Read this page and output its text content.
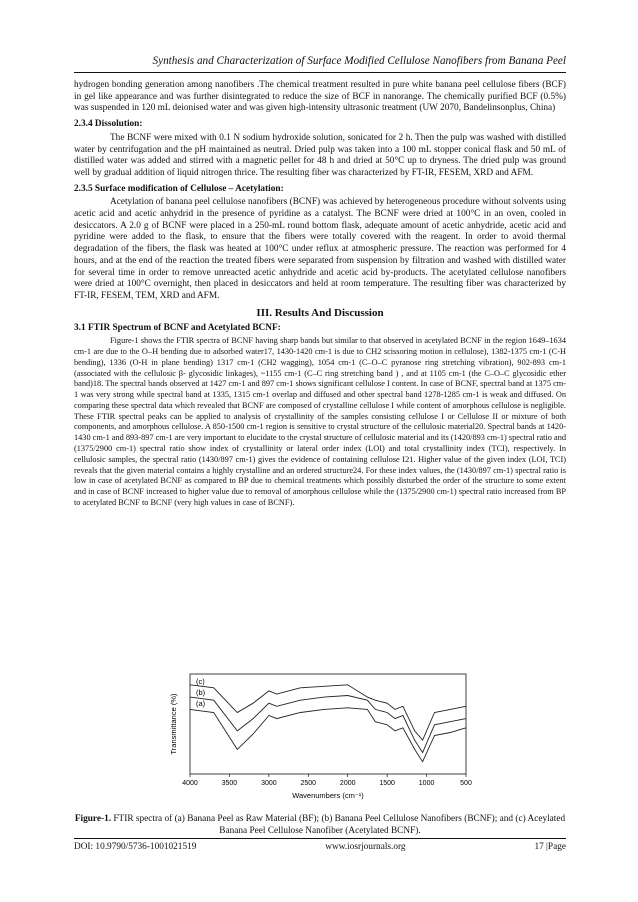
Synthesis and Characterization of Surface Modified Cellulose Nanofibers from Banana Peel

hydrogen bonding generation among nanofibers .The chemical treatment resulted in pure white banana peel cellulose fibers (BCF) in gel like appearance and was further disintegrated to reduce the size of BCF in nanorange. The chemically purified BCF (0.5%) was suspended in 120 mL deionised water and was given high-intensity ultrasonic treatment (UW 2070, Bandelinsonplus, China)

2.3.4 Dissolution:

The BCNF were mixed with 0.1 N sodium hydroxide solution, sonicated for 2 h. Then the pulp was washed with distilled water by centrifugation and the pH maintained as neutral. Dried pulp was taken into a 100 mL stopper conical flask and 50 mL of distilled water was added and stirred with a magnetic pellet for 48 h and dried at 50°C up to dryness. The dried pulp was ground well by gradual addition of liquid nitrogen thrice. The resulting fiber was characterized by FT-IR, FESEM, XRD and AFM.

2.3.5 Surface modification of Cellulose – Acetylation:

Acetylation of banana peel cellulose nanofibers (BCNF) was achieved by heterogeneous procedure without solvents using acetic acid and acetic anhydrid in the presence of pyridine as a catalyst. The BCNF were dried at 100°C in an oven, cooled in desiccators. A 2.0 g of BCNF were placed in a 250-mL round bottom flask, adequate amount of acetic anhydride, acetic acid and pyridine were added to the flask, to ensure that the fibers were totally covered with the reagent. In order to avoid thermal degradation of the fibers, the flask was heated at 100°C under reflux at atmospheric pressure. The reaction was performed for 4 hours, and at the end of the reaction the treated fibers were separated from suspension by filtration and washed with distilled water for several time in order to remove unreacted acetic anhydride and acetic acid by-products. The acetylated cellulose nanofibers were dried at 100°C overnight, then placed in desiccators and held at room temperature. The resulting fiber was characterized by FT-IR, FESEM, TEM, XRD and AFM.

III. Results And Discussion
3.1 FTIR Spectrum of BCNF and Acetylated BCNF:

Figure-1 shows the FTIR spectra of BCNF having sharp bands but similar to that observed in acetylated BCNF in the region 1649–1634 cm-1 are due to the O–H bending due to adsorbed water17, 1430-1420 cm-1 is due to CH2 scissoring motion in cellulose), 1382-1375 cm-1 (C-H bending), 1336 (O-H in plane bending) 1317 cm-1 (CH2 wagging), 1054 cm-1 (C–O–C pyranose ring stretching vibration), 902-893 cm-1 (associated with the cellulosic β- glycosidic linkages), ~1155 cm-1 (C–C ring stretching band ) , and at 1105 cm-1 (the C–O–C glycosidic ether band)18. The spectral bands observed at 1427 cm-1 and 897 cm-1 shows significant cellulose I content. In case of BCNF, spectral band at 1375 cm-1 was very strong while spectral band at 1335, 1315 cm-1 overlap and diffused and other spectral band 1278-1285 cm-1 is weak and diffused. On comparing these spectral data which revealed that BCNF are composed of crystalline cellulose I while content of amorphous cellulose is negligible. These FTIR spectral peaks can be applied to analysis of crystallinity of the samples consisting cellulose I or Cellulose II or mixture of both components, and amorphous cellulose. A 850-1500 cm-1 region is sensitive to crystal structure of the cellulosic material20. Spectral bands at 1420-1430 cm-1 and 893-897 cm-1 are very important to elucidate to the crystal structure of cellulosic material and its (1420/893 cm-1) spectral ratio and (1375/2900 cm-1) spectral ratio show index of crystallinity or lateral order index (LOI) and total crystallinity index (TCI), respectively. In cellulosic samples, the spectral ratio (1430/897 cm-1) gives the evidence of containing cellulose I21. Higher value of the given index (LOI, TCI) reveals that the given material contains a highly crystalline and an ordered structure24. For these index values, the (1430/897 cm-1) spectral ratio is low in case of acetylated BCNF as compared to BP due to chemical treatments which possibly disturbed the order of the structure to some extent and in case of BCNF increased to higher value due to removal of amorphous cellulose while the (1375/2900 cm-1) spectral ratio increased from BP to acetylated BCNF to BCNF (very high values in case of BCNF).

Transmittance (%)
Wavenumbers (cm⁻¹)
4000	3500	3000	2500	2000	1500	1000	500
(c)
(b)
(a)
Figure-1. FTIR spectra of (a) Banana Peel as Raw Material (BF); (b) Banana Peel Cellulose Nanofibers (BCNF); and (c) Aceylated Banana Peel Cellulose Nanofiber (Acetylated BCNF).
DOI: 10.9790/5736-1001021519	www.iosrjournals.org	17 |Page
